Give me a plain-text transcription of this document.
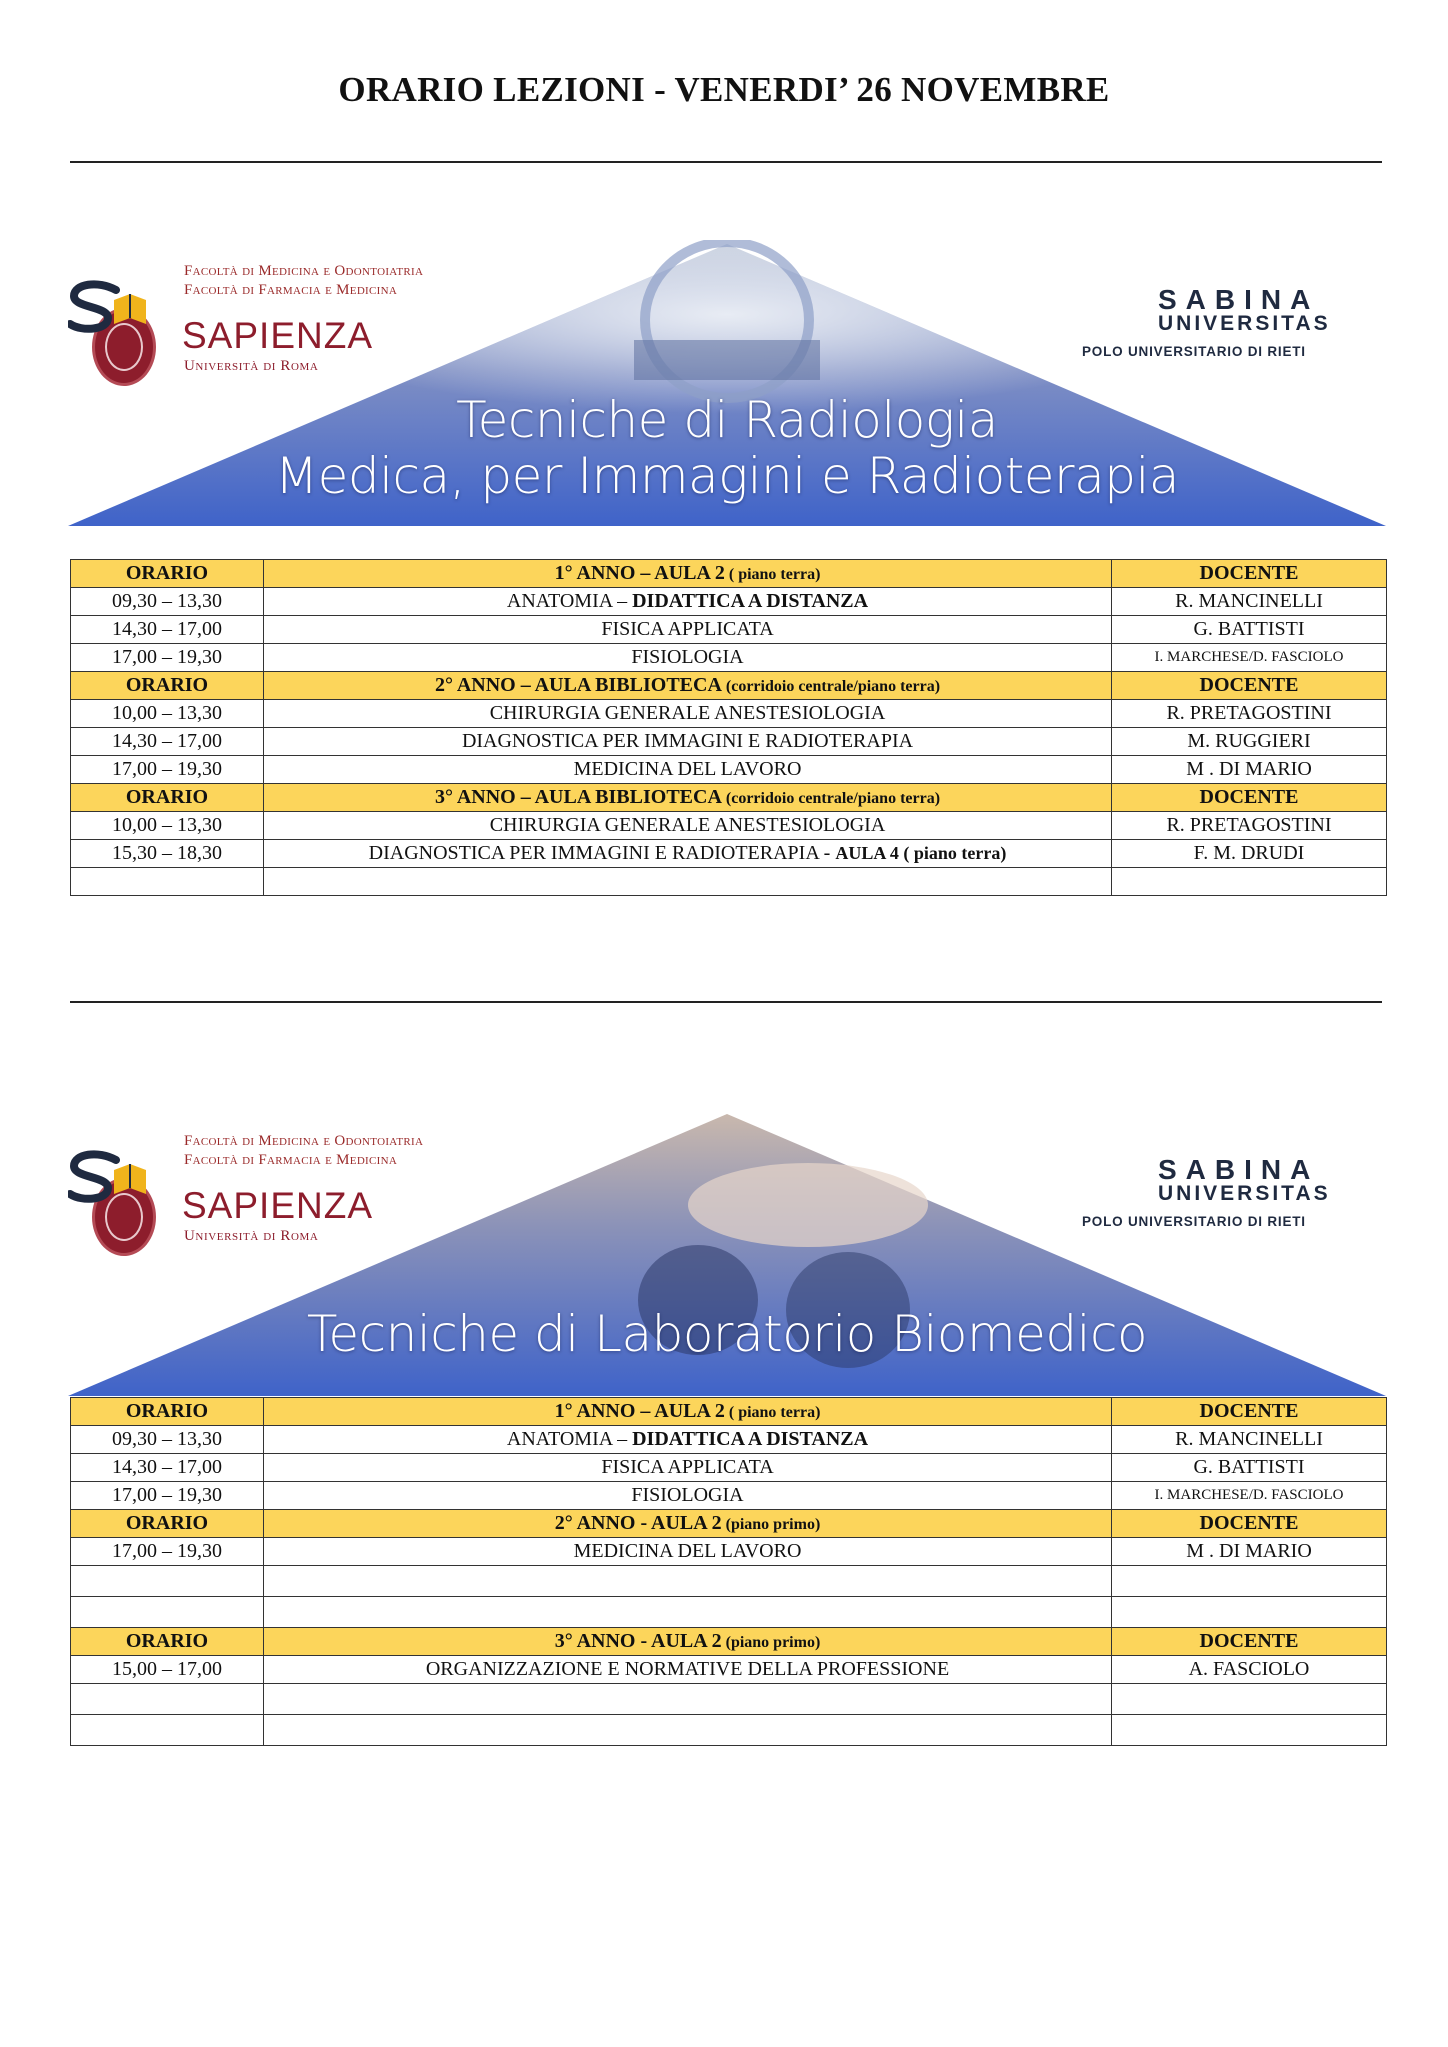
ORARIO LEZIONI - VENERDI’ 26 NOVEMBRE
Facoltà di Medicina e Odontoiatria
Facoltà di Farmacia e Medicina
SAPIENZA
Università di Roma
SABINA
UNIVERSITAS
POLO UNIVERSITARIO DI RIETI
Tecniche di Radiologia
Medica, per Immagini e Radioterapia
ORARIO	1° ANNO – AULA 2 ( piano terra)	DOCENTE
09,30 – 13,30	ANATOMIA – DIDATTICA A DISTANZA	R. MANCINELLI
14,30 – 17,00	FISICA APPLICATA	G. BATTISTI
17,00 – 19,30	FISIOLOGIA	I. MARCHESE/D. FASCIOLO
ORARIO	2° ANNO – AULA BIBLIOTECA (corridoio centrale/piano terra)	DOCENTE
10,00 – 13,30	CHIRURGIA GENERALE ANESTESIOLOGIA	R. PRETAGOSTINI
14,30 – 17,00	DIAGNOSTICA PER IMMAGINI E RADIOTERAPIA	M. RUGGIERI
17,00 – 19,30	MEDICINA DEL LAVORO	M . DI MARIO
ORARIO	3° ANNO – AULA BIBLIOTECA (corridoio centrale/piano terra)	DOCENTE
10,00 – 13,30	CHIRURGIA GENERALE ANESTESIOLOGIA	R. PRETAGOSTINI
15,30 – 18,30	DIAGNOSTICA PER IMMAGINI E RADIOTERAPIA - AULA 4 ( piano terra)	F. M. DRUDI

Facoltà di Medicina e Odontoiatria
Facoltà di Farmacia e Medicina
SAPIENZA
Università di Roma
SABINA
UNIVERSITAS
POLO UNIVERSITARIO DI RIETI
Tecniche di Laboratorio Biomedico
ORARIO	1° ANNO – AULA 2 ( piano terra)	DOCENTE
09,30 – 13,30	ANATOMIA – DIDATTICA A DISTANZA	R. MANCINELLI
14,30 – 17,00	FISICA APPLICATA	G. BATTISTI
17,00 – 19,30	FISIOLOGIA	I. MARCHESE/D. FASCIOLO
ORARIO	2° ANNO - AULA 2 (piano primo)	DOCENTE
17,00 – 19,30	MEDICINA DEL LAVORO	M . DI MARIO

ORARIO	3° ANNO - AULA 2 (piano primo)	DOCENTE
15,00 – 17,00	ORGANIZZAZIONE E NORMATIVE DELLA PROFESSIONE	A. FASCIOLO
